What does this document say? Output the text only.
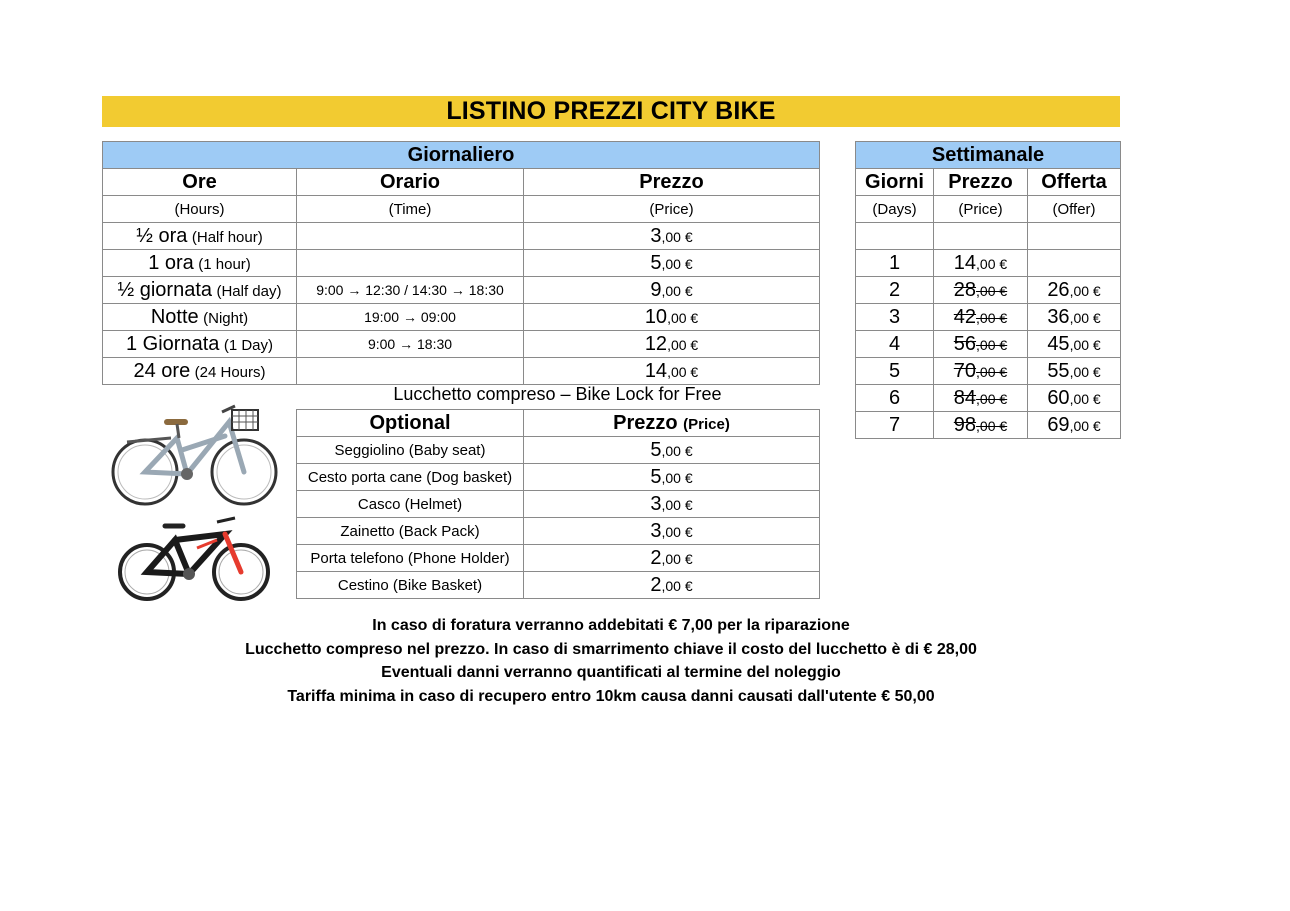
LISTINO PREZZI CITY BIKE
Giornaliero		
Ore	Orario	Prezzo
(Hours)	(Time)	(Price)
½ ora (Half hour)		3,00 €
1 ora (1 hour)		5,00 €
½ giornata (Half day)	9:00 → 12:30 / 14:30 → 18:30	9,00 €
Notte (Night)	19:00 → 09:00	10,00 €
1 Giornata (1 Day)	9:00 → 18:30	12,00 €
24 ore (24 Hours)		14,00 €
Settimanale		
Giorni	Prezzo	Offerta
(Days)	(Price)	(Offer)

1	14,00 €	
2	28,00 €	26,00 €
3	42,00 €	36,00 €
4	56,00 €	45,00 €
5	70,00 €	55,00 €
6	84,00 €	60,00 €
7	98,00 €	69,00 €
Lucchetto compreso – Bike Lock for Free
Optional	Prezzo (Price)
Seggiolino (Baby seat)	5,00 €
Cesto porta cane (Dog basket)	5,00 €
Casco (Helmet)	3,00 €
Zainetto (Back Pack)	3,00 €
Porta telefono (Phone Holder)	2,00 €
Cestino (Bike Basket)	2,00 €
In caso di foratura verranno addebitati € 7,00 per la riparazione
Lucchetto compreso nel prezzo. In caso di smarrimento chiave il costo del lucchetto è di € 28,00
Eventuali danni verranno quantificati al termine del noleggio
Tariffa minima in caso di recupero entro 10km causa danni causati dall'utente € 50,00
